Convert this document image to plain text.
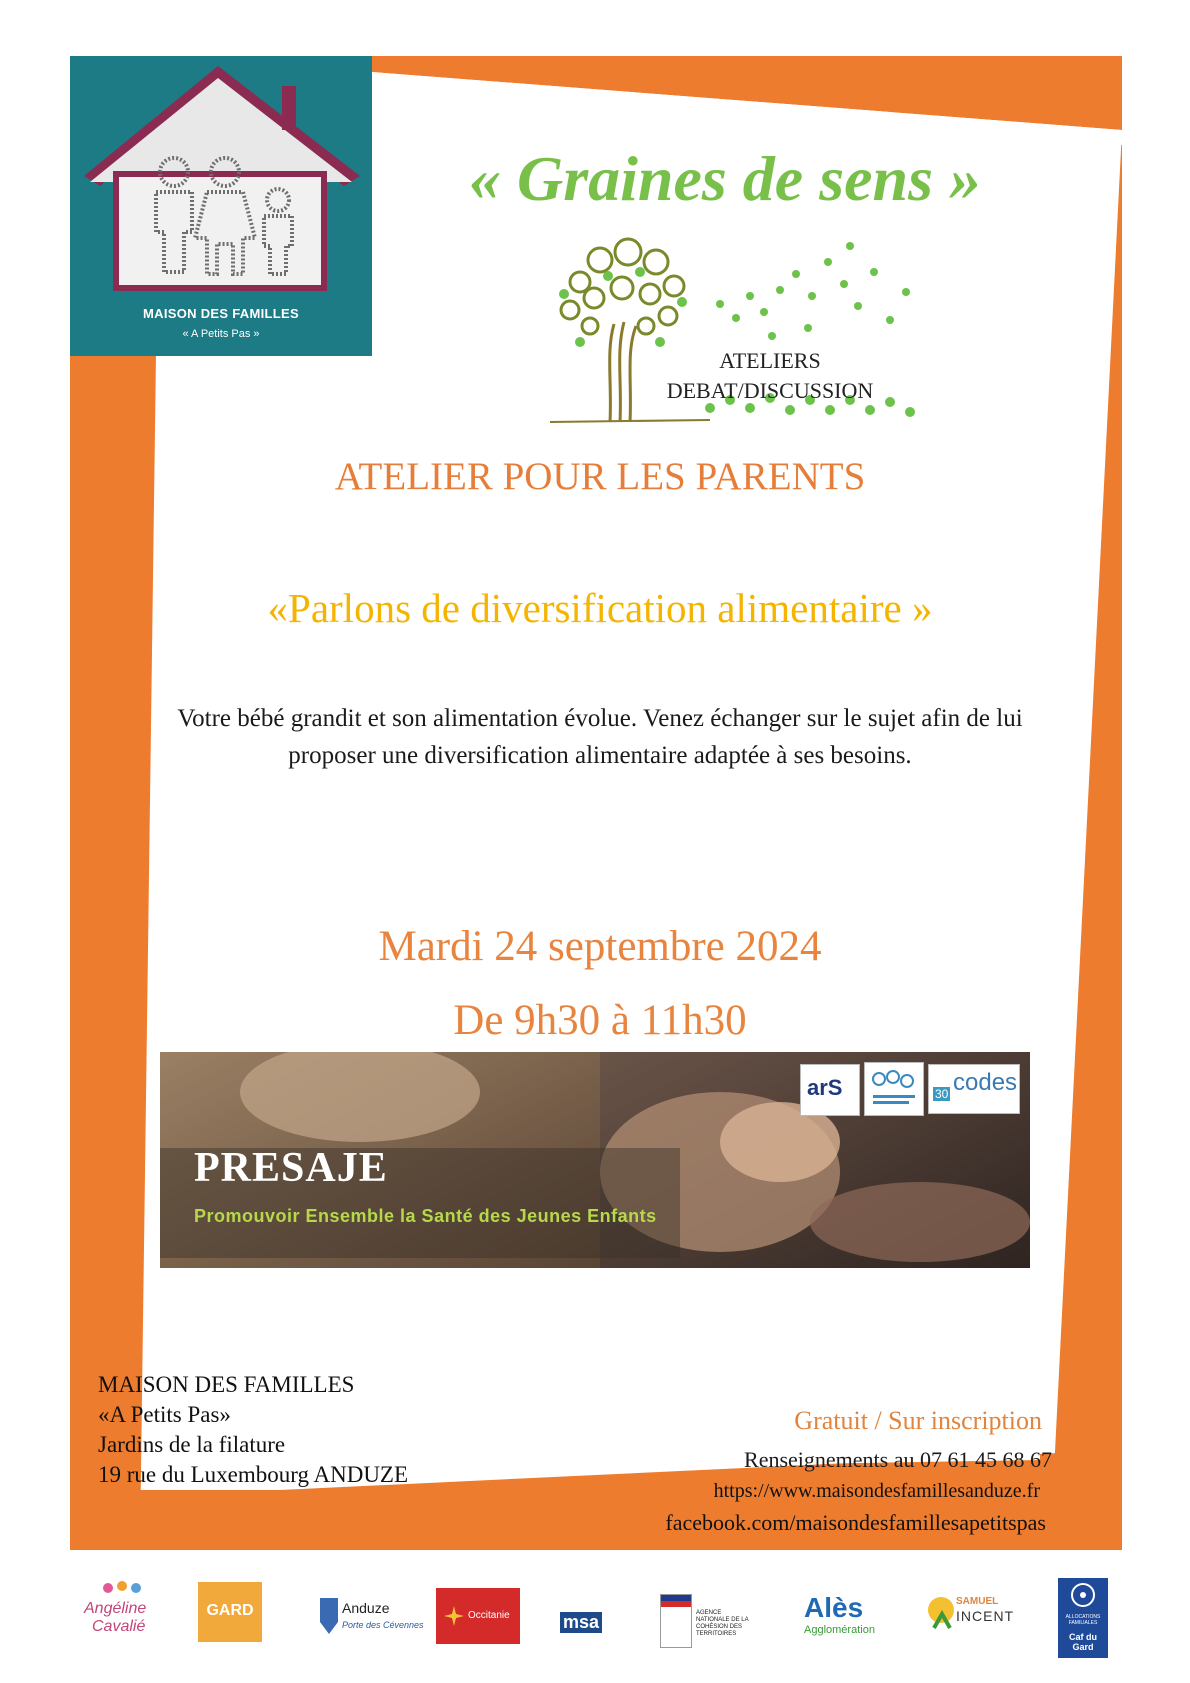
MAISON DES FAMILLES
« A Petits Pas »
« Graines de sens »
ATELIERS
DEBAT/DISCUSSION
ATELIER POUR LES PARENTS
«Parlons de diversification alimentaire »
Votre bébé grandit et son alimentation évolue. Venez échanger sur le sujet afin de lui proposer une diversification alimentaire adaptée à ses besoins.
Mardi 24 septembre 2024
De 9h30 à 11h30
PRESAJE
Promouvoir Ensemble la Santé des Jeunes Enfants
arS	30 codes
MAISON DES FAMILLES
«A Petits Pas»
Jardins de la filature
19 rue du Luxembourg ANDUZE
Gratuit / Sur inscription
Renseignements au 07 61 45 68 67
https://www.maisondesfamillesanduze.fr
facebook.com/maisondesfamillesapetitspas
Angéline
Cavalié
GARD	Anduze
Porte des Cévennes
Occitanie	msa	AGENCE NATIONALE DE LA COHÉSION DES TERRITOIRES
Alès
Agglomération
SAMUEL
INCENT	ALLOCATIONS FAMILIALES
Caf du Gard
